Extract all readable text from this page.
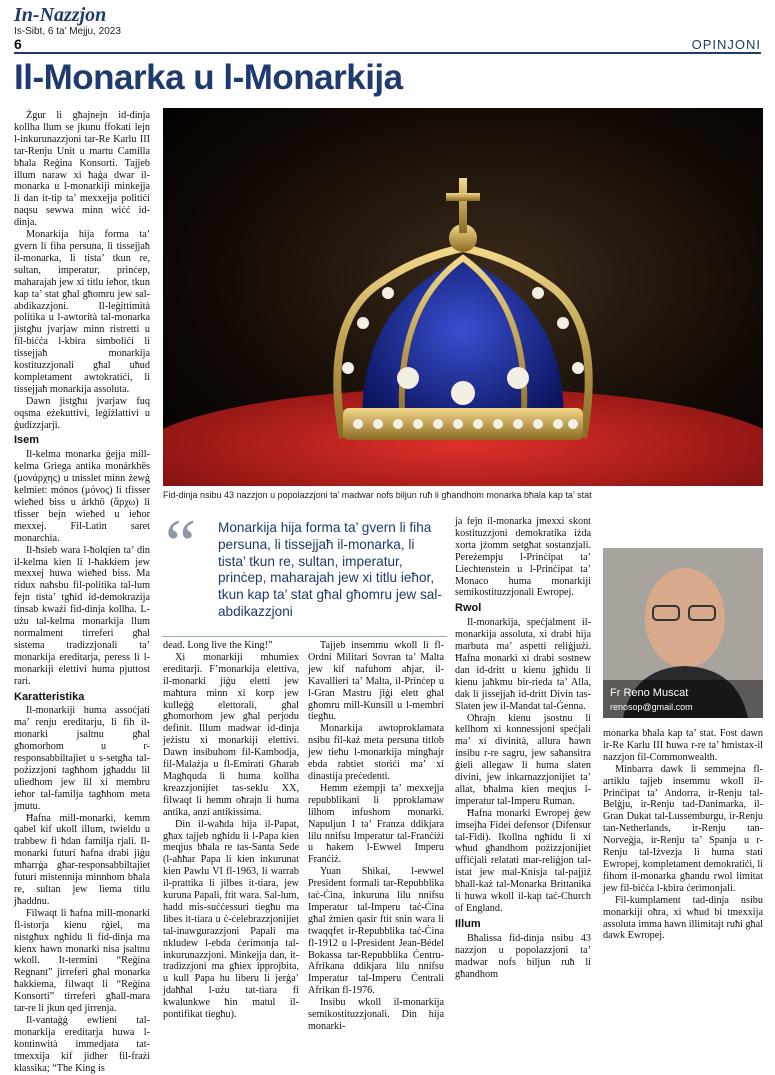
In-Nazzjon
Is-Sibt, 6 ta’ Mejju, 2023
6	OPINJONI
Il-Monarka u l-Monarkija

Żgur li għajnejn id-dinja kollha llum se jkunu ffokati lejn l-inkurunazzjoni tar-Re Karlu III tar-Renju Unit u martu Camilla bħala Reġina Konsorti. Tajjeb illum naraw xi ħaġa dwar il-monarka u l-monarkiji minkejja li dan it-tip ta’ mexxejja politiċi naqsu sewwa minn wiċċ id-dinja.

Monarkija hija forma ta’ gvern li fiha persuna, li tissejjaħ il-monarka, li tista’ tkun re, sultan, imperatur, prinċep, maharajah jew xi titlu ieħor, tkun kap ta’ stat għal għomru jew sal-abdikazzjoni. Il-leġittimità politika u l-awtorità tal-monarka jistgħu jvarjaw minn ristretti u fil-biċċa l-kbira simboliċi li tissejjaħ monarkija kostituzzjonali għal uħud kompletament awtokratiċi, li tissejjaħ monarkija assoluta.

Dawn jistgħu jvarjaw fuq oqsma eżekuttivi, leġiżlattivi u ġudizzjarji.

Isem

Il-kelma monarka ġejja mill-kelma Griega antika monárkhēs (μονάρχης) u tnisslet minn żewġ kelmiet: mónos (μόνος) li tfisser wieħed biss u árkhō (ἄρχω) li tfisser bejn wieħed u ieħor mexxej. Fil-Latin saret monarchia.

Il-ħsieb wara l-ħolqien ta’ din il-kelma kien li l-ħakkiem jew mexxej huwa wieħed biss. Ma ridux naħsbu fil-politika tal-lum fejn tista’ tgħid id-demokrazija tinsab kważi fid-dinja kollha. L-użu tal-kelma monarkija llum normalment tirreferi għal sistema tradizzjonali ta’ monarkija ereditarja, peress li l-monarkiji elettivi huma pjuttost rari.

Karatteristika

Il-monarkiji huma assoċjati ma’ renju ereditarju, li fih il-monarki jsaltnu għal għomorhom u r-responsabbiltajiet u s-setgħa tal-pożizzjoni tagħhom jgħaddu lil uliedhom jew lil xi membru ieħor tal-familja tagħhom meta jmutu.

Ħafna mill-monarki, kemm qabel kif ukoll illum, twieldu u trabbew fi ħdan familja rjali. Il-monarki futuri ħafna drabi jiġu mħarrġa għar-responsabbiltajiet futuri mistennija minnhom bħala re, sultan jew liema titlu jħaddnu.

Filwaqt li ħafna mill-monarki fl-istorja kienu rġiel, ma nistgħux ngħidu li fid-dinja ma kienx hawn monarki nisa jsaltnu wkoll. It-termini “Reġina Regnant” jirreferi għal monarka ħakkiema, filwaqt li “Reġina Konsorti” tirreferi għall-mara tar-re li jkun qed jirrenja.

Il-vantaġġ ewlieni tal-monarkija ereditarja huwa l-kontinwità immedjata tat-tmexxija kif jidher fil-frażi klassika; “The King is

Fid-dinja nsibu 43 nazzjon u popolazzjoni ta’ madwar nofs biljun ruħ li għandhom monarka bħala kap ta’ stat
“ Monarkija hija forma ta’ gvern li fiha persuna, li tissejjaħ il-monarka, li tista’ tkun re, sultan, imperatur, prinċep, maharajah jew xi titlu ieħor, tkun kap ta’ stat għal għomru jew sal-abdikazzjoni

dead. Long live the King!”

Xi monarkiji mhumiex ereditarji. F’monarkija elettiva, il-monarki jiġu eletti jew maħtura minn xi korp jew kulleġġ elettorali, għal għomorhom jew għal perjodu definit. Illum madwar id-dinja jeżistu xi monarkiji elettivi. Dawn insibuhom fil-Kambodja, fil-Malażja u fl-Emirati Għarab Magħquda li huma kollha kreazzjonijiet tas-seklu XX, filwaqt li hemm oħrajn li huma antika, anzi antikissima.

Din il-waħda hija il-Papat, għax tajjeb ngħidu li l-Papa kien meqjus bħala re tas-Santa Sede (l-aħħar Papa li kien inkurunat kien Pawlu VI fl-1963, li warrab il-prattika li jilbes it-tiara, jew kuruna Papali, ftit wara. Sal-lum, hadd mis-suċċessuri tiegħu ma libes it-tiara u ċ-ċelebrazzjonijiet tal-inawgurazzjoni Papali ma nkludew l-ebda ċerimonja tal-inkurunazzjoni. Minkejja dan, it-tradizzjoni ma għiex ipprojbita, u kull Papa hu liberu li jerġa’ jdaħħal l-użu tat-tiara fi kwalunkwe ħin matul il-pontifikat tiegħu).

Tajjeb insemmu wkoll li fl-Ordni Militari Sovran ta’ Malta jew kif nafuhom aħjar, il-Kavallieri ta’ Malta, il-Prinċep u l-Gran Mastru jiġi elett għal għomru mill-Kunsill u l-membri tiegħu.

Monarkija awtoproklamata nsibu fil-każ meta persuna titlob jew tieħu l-monarkija mingħajr ebda rabtiet storiċi ma’ xi dinastija preċedenti.

Hemm eżempji ta’ mexxejja repubblikani li pproklamaw lilhom infushom monarki. Napuljun I ta’ Franza ddikjara lilu nnifsu Imperatur tal-Franċiżi u ħakem l-Ewwel Imperu Franċiż.

Yuan Shikai, l-ewwel President formali tar-Repubblika taċ-Ċina, inkurunа lilu nnifsu Imperatur tal-Imperu taċ-Ċina għal żmien qasir ftit snin wara li twaqqfet ir-Repubblika taċ-Ċina fl-1912 u l-President Jean-Bédel Bokassa tar-Repubblika Ċentru-Afrikana ddikjara lilu nnifsu Imperatur tal-Imperu Ċentrali Afrikan fl-1976.

Insibu wkoll il-monarkija semikostituzzjonali. Din hija monarki-

ja fejn il-monarka jmexxi skont kostituzzjoni demokratika iżda xorta jżomm setgħat sostanzjali. Pereżempju l-Prinċipat ta’ Liechtenstein u l-Prinċipat ta’ Monaco huma monarkiji semikostituzzjonali Ewropej.

Rwol

Il-monarkija, speċjalment il-monarkija assoluta, xi drabi hija marbuta ma’ aspetti reliġjużi. Ħafna monarki xi drabi sostnew dan id-dritt u kienu jgħidu li kienu jaħkmu bir-rieda ta’ Alla, dak li jissejjaħ id-dritt Divin tas-Slaten jew il-Mandat tal-Ġenna.

Oħrajn kienu jsostnu li kellhom xi konnessjoni speċjali ma’ xi divinità, allura ħawn insibu r-re sagru, jew saħansitra ġieli allegaw li huma slaten divini, jew inkarnazzjonijiet ta’ allat, bħalma kien meqjus l-imperatur tal-Imperu Ruman.

Ħafna monarki Ewropej ġew imsejħa Fidei defensor (Difensur tal-Fidi). Ikollna ngħidu li xi wħud għandhom pożizzjonijiet uffiċjali relatati mar-reliġjon tal-istat jew mal-Knisja tal-pajjiż bħall-każ tal-Monarka Brittanika li huwa wkoll il-kap taċ-Church of England.

Illum

Bħalissa fid-dinja nsibu 43 nazzjon u popolazzjoni ta’ madwar nofs biljun ruħ li għandhom

Fr Reno Muscat
renosop@gmail.com

monarka bħala kap ta’ stat. Fost dawn ir-Re Karlu III ħuwa r-re ta’ ħmistax-il nazzjon fil-Commonwealth.

Minbarra dawk li semmejna fl-artiklu tajjeb insemmu wkoll il-Prinċipat ta’ Andorra, ir-Renju tal-Belġju, ir-Renju tad-Danimarka, il-Gran Dukat tal-Lussemburgu, ir-Renju tan-Netherlands, ir-Renju tan-Norveġja, ir-Renju ta’ Spanja u r-Renju tal-Iżvezja li huma stati Ewropej, kompletament demokratiċi, li fihom il-monarka għandu rwol limitat jew fil-biċċa l-kbira ċerimonjali.

Fil-kumplament tad-dinja nsibu monarkiji oħra, xi wħud bi tmexxija assoluta imma hawn illimitajt ruħi għal dawk Ewropej.
